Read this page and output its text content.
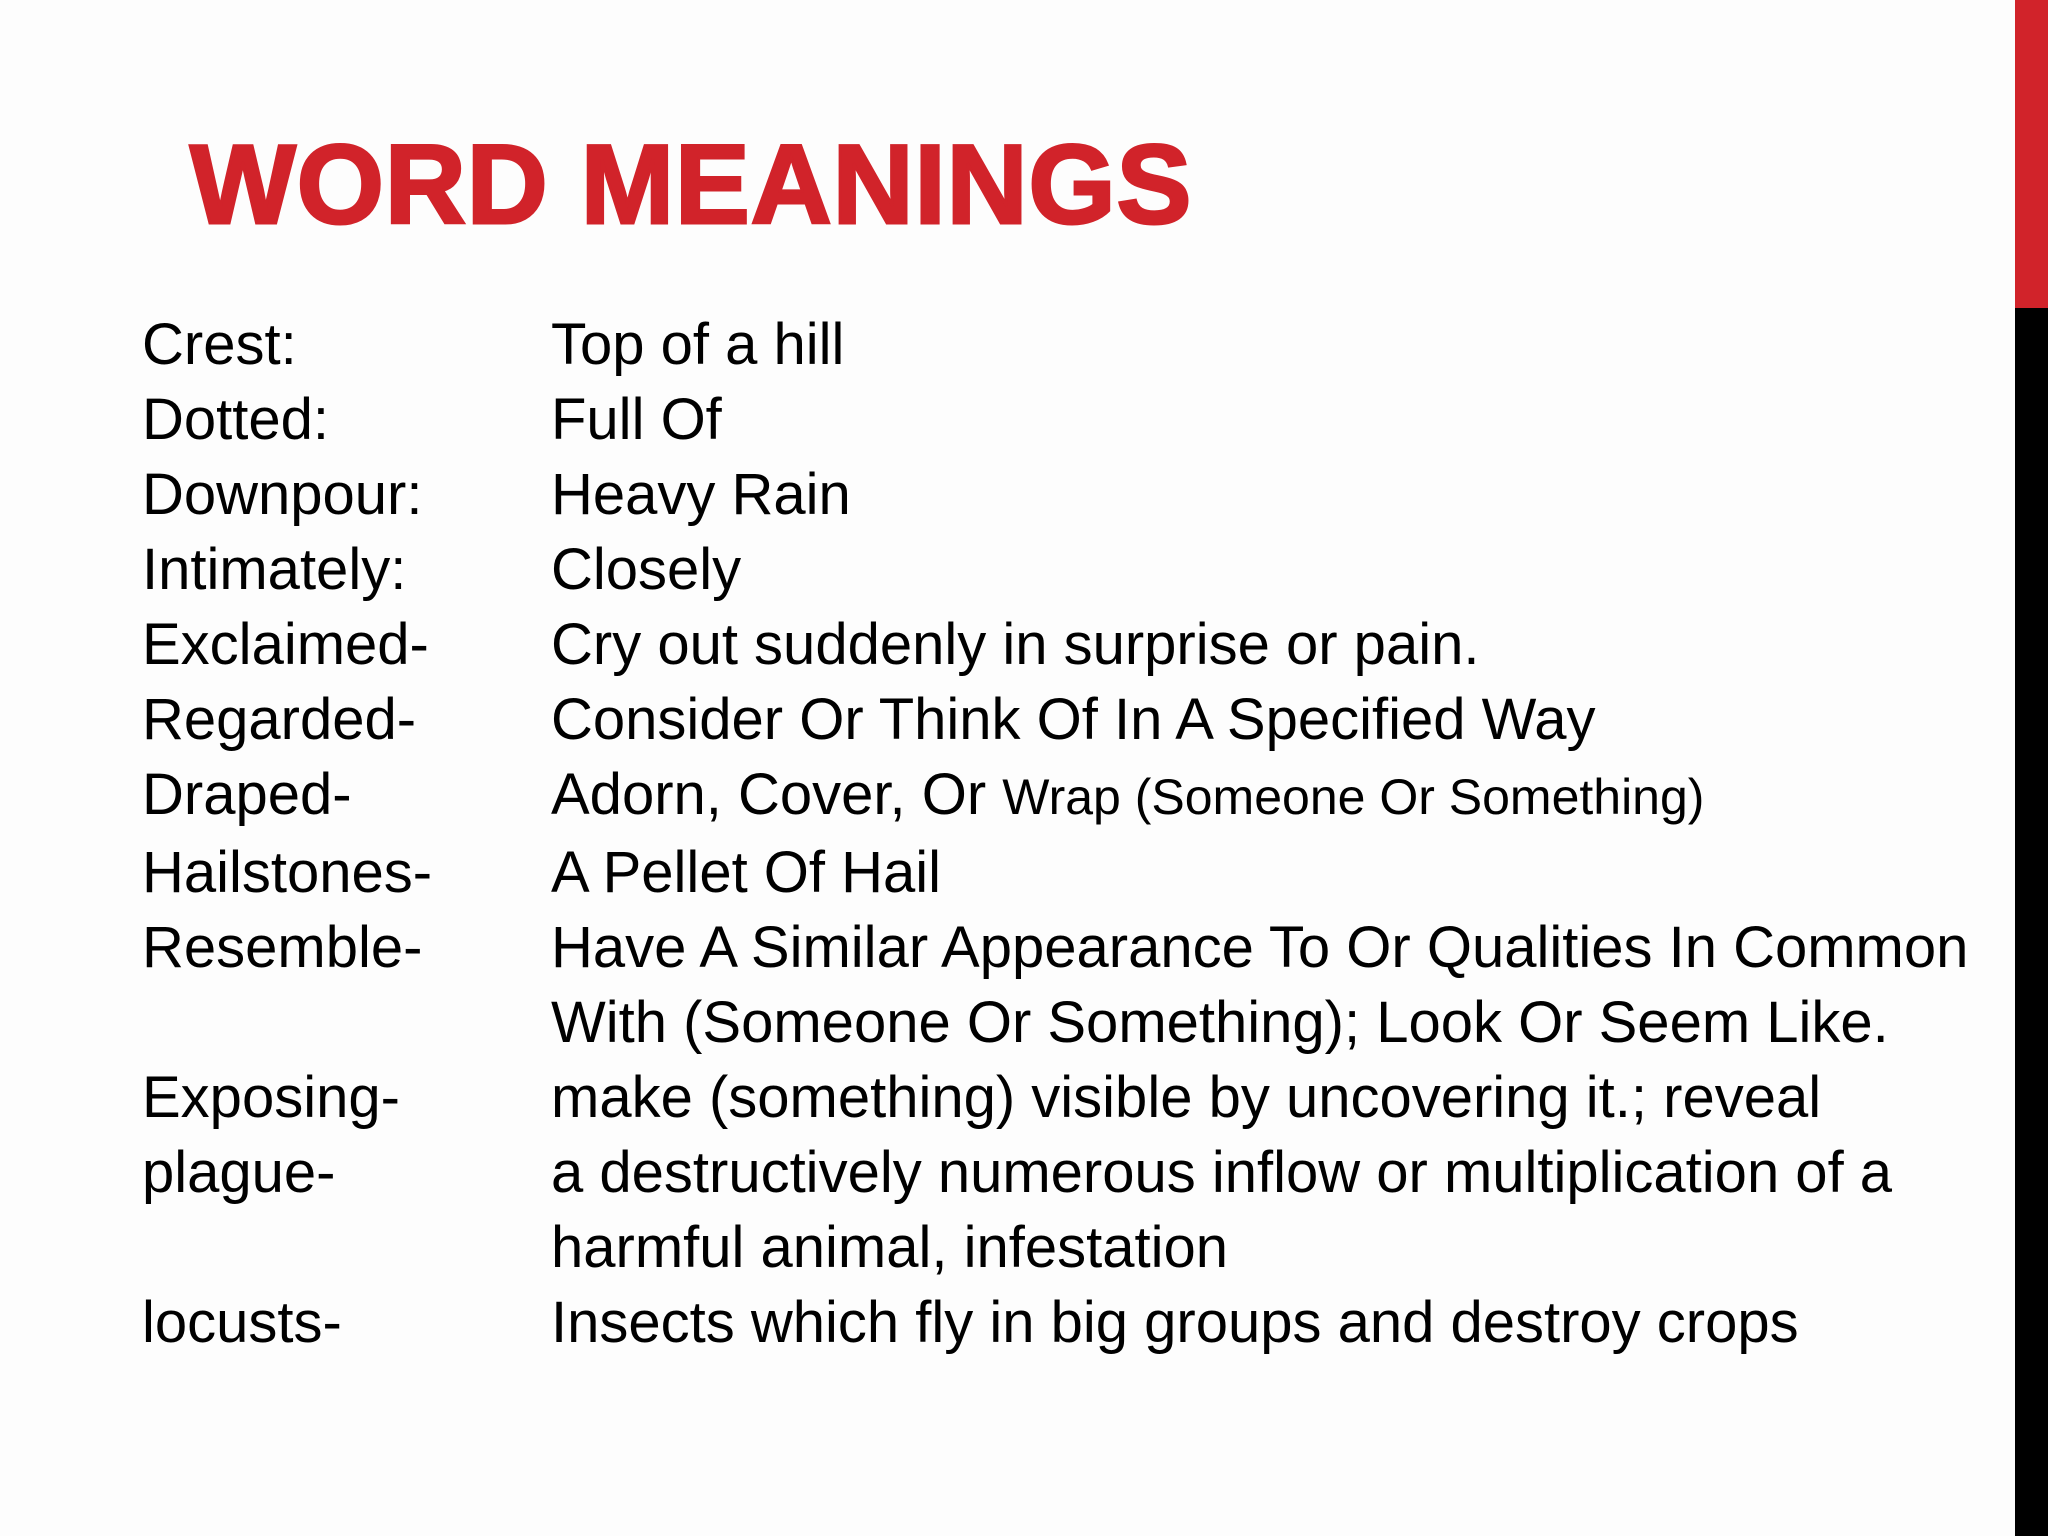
WORD MEANINGS
Crest:	Top of a hill
Dotted:	Full Of
Downpour: Heavy Rain
Intimately: Closely
Exclaimed- Cry out suddenly in surprise or pain.
Regarded- Consider Or Think Of In A Specified Way
Draped-	Adorn, Cover, Or Wrap (Someone Or Something)
Hailstones- A Pellet Of Hail
Resemble- Have A Similar Appearance To Or Qualities In Common With (Someone Or Something); Look Or Seem Like.
Exposing-	make (something) visible by uncovering it.; reveal
plague-	a destructively numerous inflow or multiplication of a harmful animal, infestation
locusts-	Insects which fly in big groups and destroy crops
